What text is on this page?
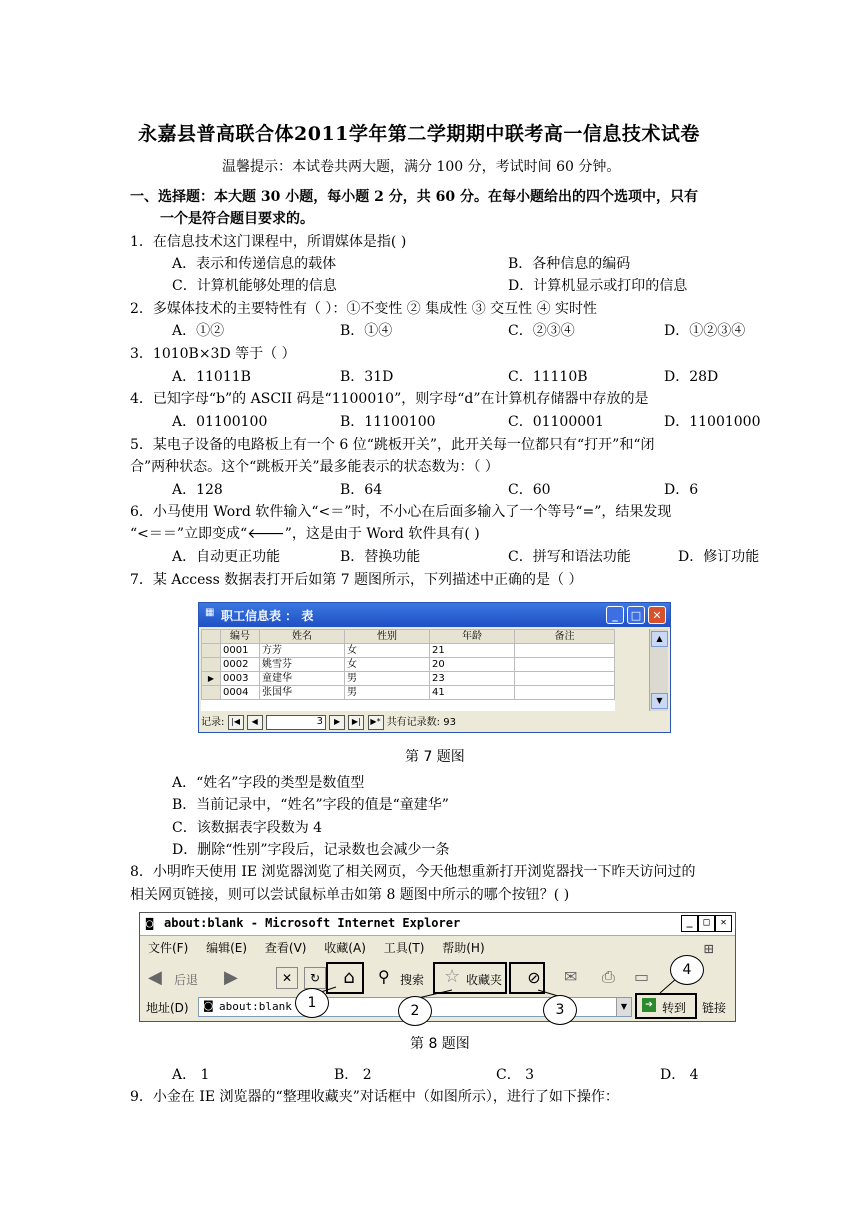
永嘉县普高联合体2011学年第二学期期中联考高一信息技术试卷
温馨提示：本试卷共两大题，满分 100 分，考试时间 60 分钟。
一、选择题：本大题 30 小题，每小题 2 分，共 60 分。在每小题给出的四个选项中，只有
一个是符合题目要求的。
1．在信息技术这门课程中，所谓媒体是指( )
A．表示和传递信息的载体	B．各种信息的编码
C．计算机能够处理的信息	D．计算机显示或打印的信息
2．多媒体技术的主要特性有（ ）：①不变性 ② 集成性 ③ 交互性 ④ 实时性
A．①②	B．①④	C．②③④	D．①②③④
3．1010B×3D 等于（ ）
A．11011B	B．31D	C．11110B	D．28D
4．已知字母“b”的 ASCII 码是“1100010”，则字母“d”在计算机存储器中存放的是
A．01100100	B．11100100	C．01100001	D．11001000
5．某电子设备的电路板上有一个 6 位“跳板开关”，此开关每一位都只有“打开”和“闭
合”两种状态。这个“跳板开关”最多能表示的状态数为：（ ）
A．128	B．64	C．60	D．6
6．小马使用 Word 软件输入“<＝”时，不小心在后面多输入了一个等号“=”，结果发现
“<＝＝”立即变成“🡐”，这是由于 Word 软件具有( )
A．自动更正功能	B．替换功能	C．拼写和语法功能	D．修订功能
7．某 Access 数据表打开后如第 7 题图所示，下列描述中正确的是（ ）
▦ 职工信息表 ： 表	_	□	✕
	编号	姓名	性别	年龄	备注
	0001	方芳	女	21	
	0002	姚雪芬	女	20	
▶	0003	童建华	男	23	
	0004	张国华	男	41	
▲
▼
记录: |◀ ◀	3 ▶ ▶| ▶* 共有记录数: 93
第 7 题图
A．“姓名”字段的类型是数值型
B．当前记录中，“姓名”字段的值是“童建华”
C．该数据表字段数为 4
D．删除“性别”字段后，记录数也会减少一条
8．小明昨天使用 IE 浏览器浏览了相关网页，今天他想重新打开浏览器找一下昨天访问过的
相关网页链接，则可以尝试鼠标单击如第 8 题图中所示的哪个按钮？( )
◙ about:blank - Microsoft Internet Explorer	_	□	✕
文件(F) 编辑(E) 查看(V) 收藏(A) 工具(T) 帮助(H)	⊞
◀ 后退 ▶	✕	↻	⌂	⚲ 搜索 ☆ 收藏夹	⊘	✉ ⎙ ▭
地址(D) ◙ about:blank	▼	➔ 转到 链接
1	2	3
4
第 8 题图
A． 1	B． 2	C． 3	D． 4
9．小金在 IE 浏览器的“整理收藏夹”对话框中（如图所示），进行了如下操作：
